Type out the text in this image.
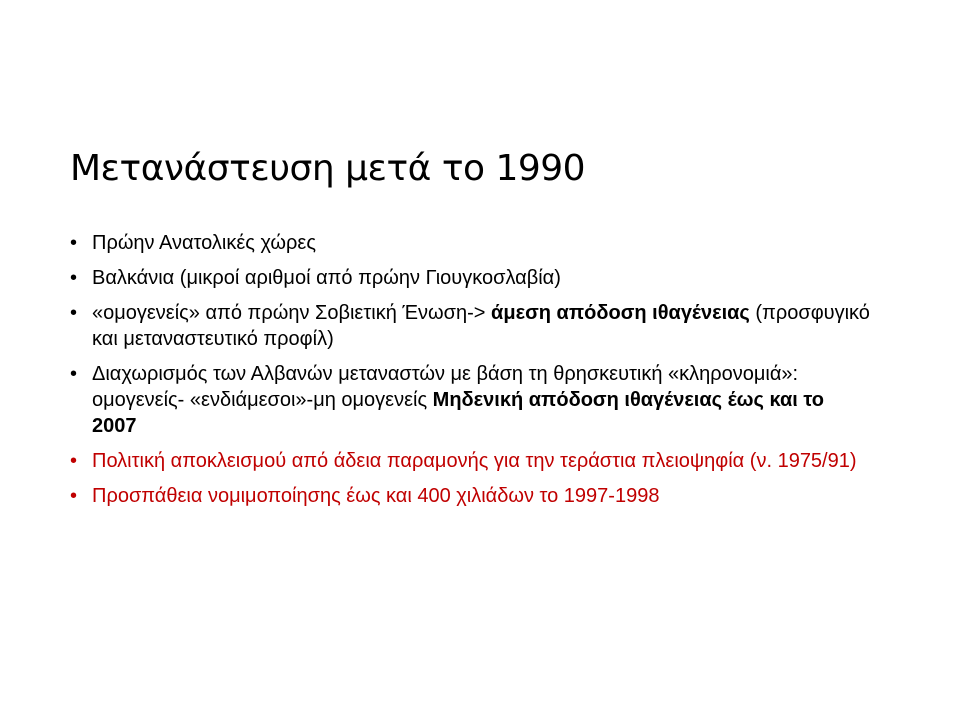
Μετανάστευση μετά το 1990
• Πρώην Ανατολικές χώρες
• Βαλκάνια (μικροί αριθμοί από πρώην Γιουγκοσλαβία)
• «ομογενείς» από πρώην Σοβιετική Ένωση-> άμεση απόδοση ιθαγένειας (προσφυγικό και μεταναστευτικό προφίλ)
• Διαχωρισμός των Αλβανών μεταναστών με βάση τη θρησκευτική «κληρονομιά»: ομογενείς- «ενδιάμεσοι»-μη ομογενείς Μηδενική απόδοση ιθαγένειας έως και το 2007
• Πολιτική αποκλεισμού από άδεια παραμονής για την τεράστια πλειοψηφία (ν. 1975/91)
• Προσπάθεια νομιμοποίησης έως και 400 χιλιάδων το 1997-1998
